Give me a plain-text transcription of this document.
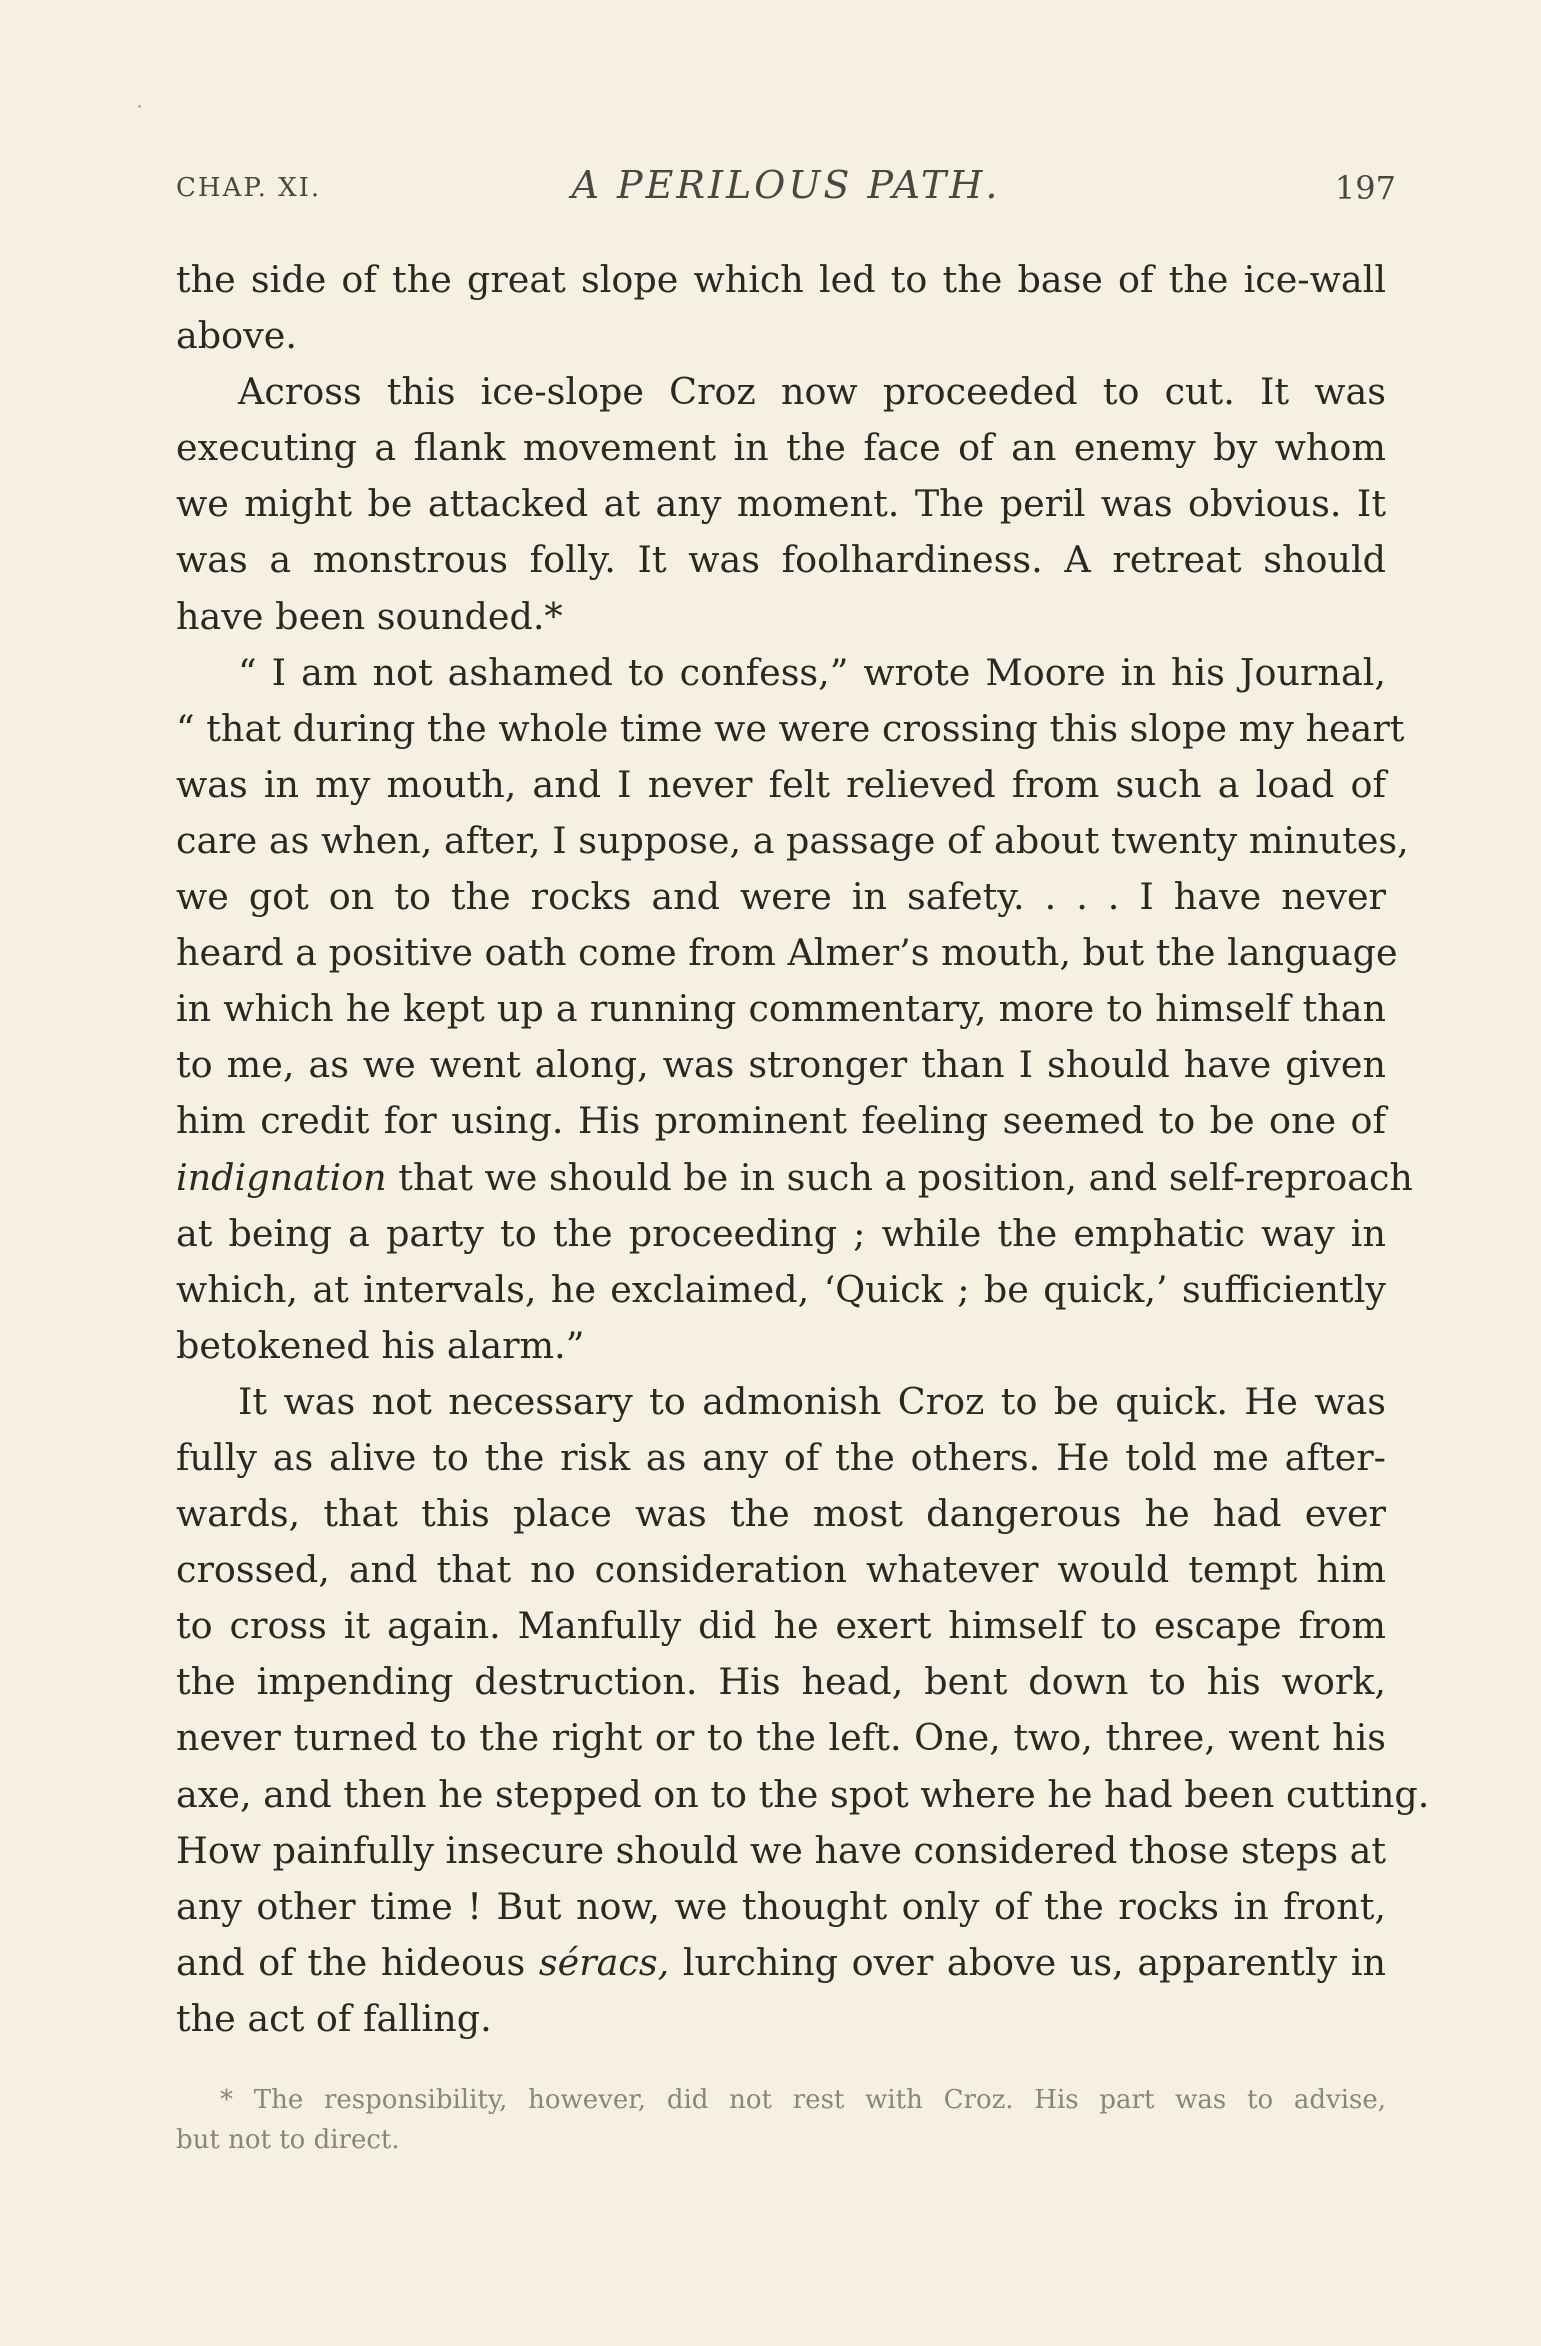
CHAP. XI.	A PERILOUS PATH.	197

the side of the great slope which led to the base of the ice-wall
above.

Across this ice-slope Croz now proceeded to cut. It was
executing a flank movement in the face of an enemy by whom
we might be attacked at any moment. The peril was obvious. It
was a monstrous folly. It was foolhardiness. A retreat should
have been sounded.*

“ I am not ashamed to confess,” wrote Moore in his Journal,
“ that during the whole time we were crossing this slope my heart
was in my mouth, and I never felt relieved from such a load of
care as when, after, I suppose, a passage of about twenty minutes,
we got on to the rocks and were in safety. . . . I have never
heard a positive oath come from Almer’s mouth, but the language
in which he kept up a running commentary, more to himself than
to me, as we went along, was stronger than I should have given
him credit for using. His prominent feeling seemed to be one of
indignation that we should be in such a position, and self-reproach
at being a party to the proceeding ; while the emphatic way in
which, at intervals, he exclaimed, ‘Quick ; be quick,’ sufficiently
betokened his alarm.”

It was not necessary to admonish Croz to be quick. He was
fully as alive to the risk as any of the others. He told me after-
wards, that this place was the most dangerous he had ever
crossed, and that no consideration whatever would tempt him
to cross it again. Manfully did he exert himself to escape from
the impending destruction. His head, bent down to his work,
never turned to the right or to the left. One, two, three, went his
axe, and then he stepped on to the spot where he had been cutting.
How painfully insecure should we have considered those steps at
any other time ! But now, we thought only of the rocks in front,
and of the hideous séracs, lurching over above us, apparently in
the act of falling.

* The responsibility, however, did not rest with Croz. His part was to advise,
but not to direct.
